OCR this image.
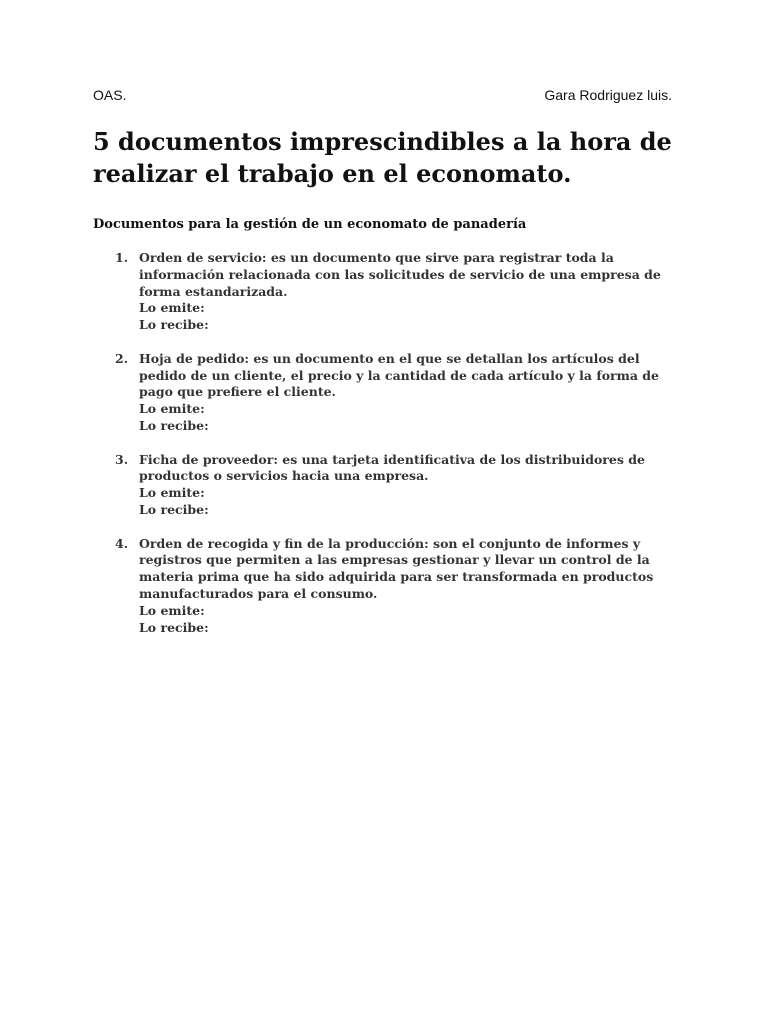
OAS.	Gara Rodriguez luis.
5 documentos imprescindibles a la hora de realizar el trabajo en el economato.

Documentos para la gestión de un economato de panadería

1. Orden de servicio: es un documento que sirve para registrar toda la información relacionada con las solicitudes de servicio de una empresa de forma estandarizada.
Lo emite:
Lo recibe:
2. Hoja de pedido: es un documento en el que se detallan los artículos del pedido de un cliente, el precio y la cantidad de cada artículo y la forma de pago que prefiere el cliente.
Lo emite:
Lo recibe:
3. Ficha de proveedor: es una tarjeta identificativa de los distribuidores de productos o servicios hacia una empresa.
Lo emite:
Lo recibe:
4. Orden de recogida y fin de la producción: son el conjunto de informes y registros que permiten a las empresas gestionar y llevar un control de la materia prima que ha sido adquirida para ser transformada en productos manufacturados para el consumo.
Lo emite:
Lo recibe:
